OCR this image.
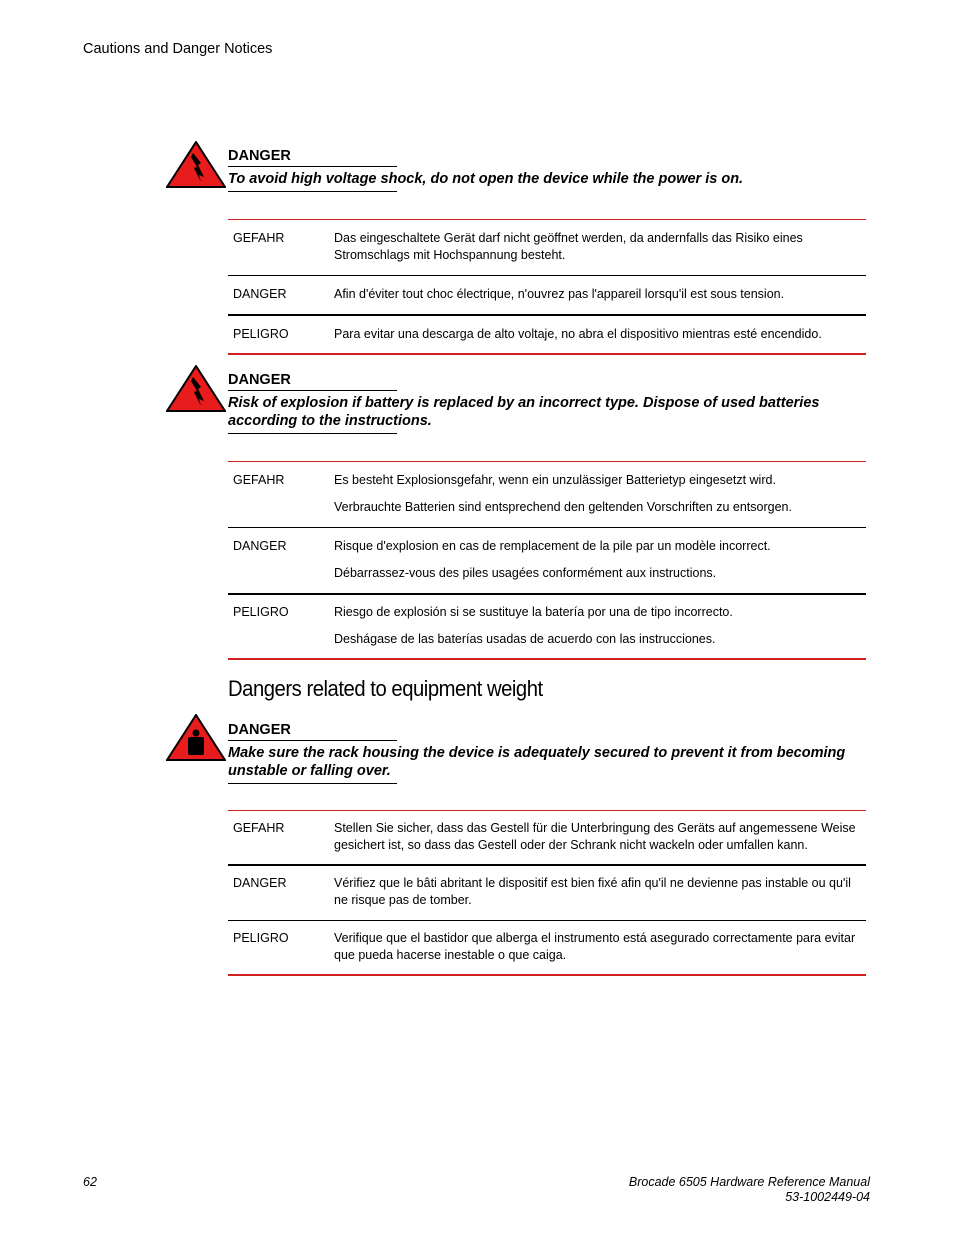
Cautions and Danger Notices
DANGER
To avoid high voltage shock, do not open the device while the power is on.
GEFAHR	Das eingeschaltete Gerät darf nicht geöffnet werden, da andernfalls das Risiko eines Stromschlags mit Hochspannung besteht.

DANGER	Afin d'éviter tout choc électrique, n'ouvrez pas l'appareil lorsqu'il est sous tension.

PELIGRO	Para evitar una descarga de alto voltaje, no abra el dispositivo mientras esté encendido.

DANGER
Risk of explosion if battery is replaced by an incorrect type. Dispose of used batteries according to the instructions.
GEFAHR	Es besteht Explosionsgefahr, wenn ein unzulässiger Batterietyp eingesetzt wird.

Verbrauchte Batterien sind entsprechend den geltenden Vorschriften zu entsorgen.

DANGER	Risque d'explosion en cas de remplacement de la pile par un modèle incorrect.

Débarrassez-vous des piles usagées conformément aux instructions.

PELIGRO	Riesgo de explosión si se sustituye la batería por una de tipo incorrecto.

Deshágase de las baterías usadas de acuerdo con las instrucciones.

Dangers related to equipment weight
DANGER
Make sure the rack housing the device is adequately secured to prevent it from becoming unstable or falling over.
GEFAHR	Stellen Sie sicher, dass das Gestell für die Unterbringung des Geräts auf angemessene Weise gesichert ist, so dass das Gestell oder der Schrank nicht wackeln oder umfallen kann.

DANGER	Vérifiez que le bâti abritant le dispositif est bien fixé afin qu'il ne devienne pas instable ou qu'il ne risque pas de tomber.

PELIGRO	Verifique que el bastidor que alberga el instrumento está asegurado correctamente para evitar que pueda hacerse inestable o que caiga.

62	Brocade 6505 Hardware Reference Manual
53-1002449-04
